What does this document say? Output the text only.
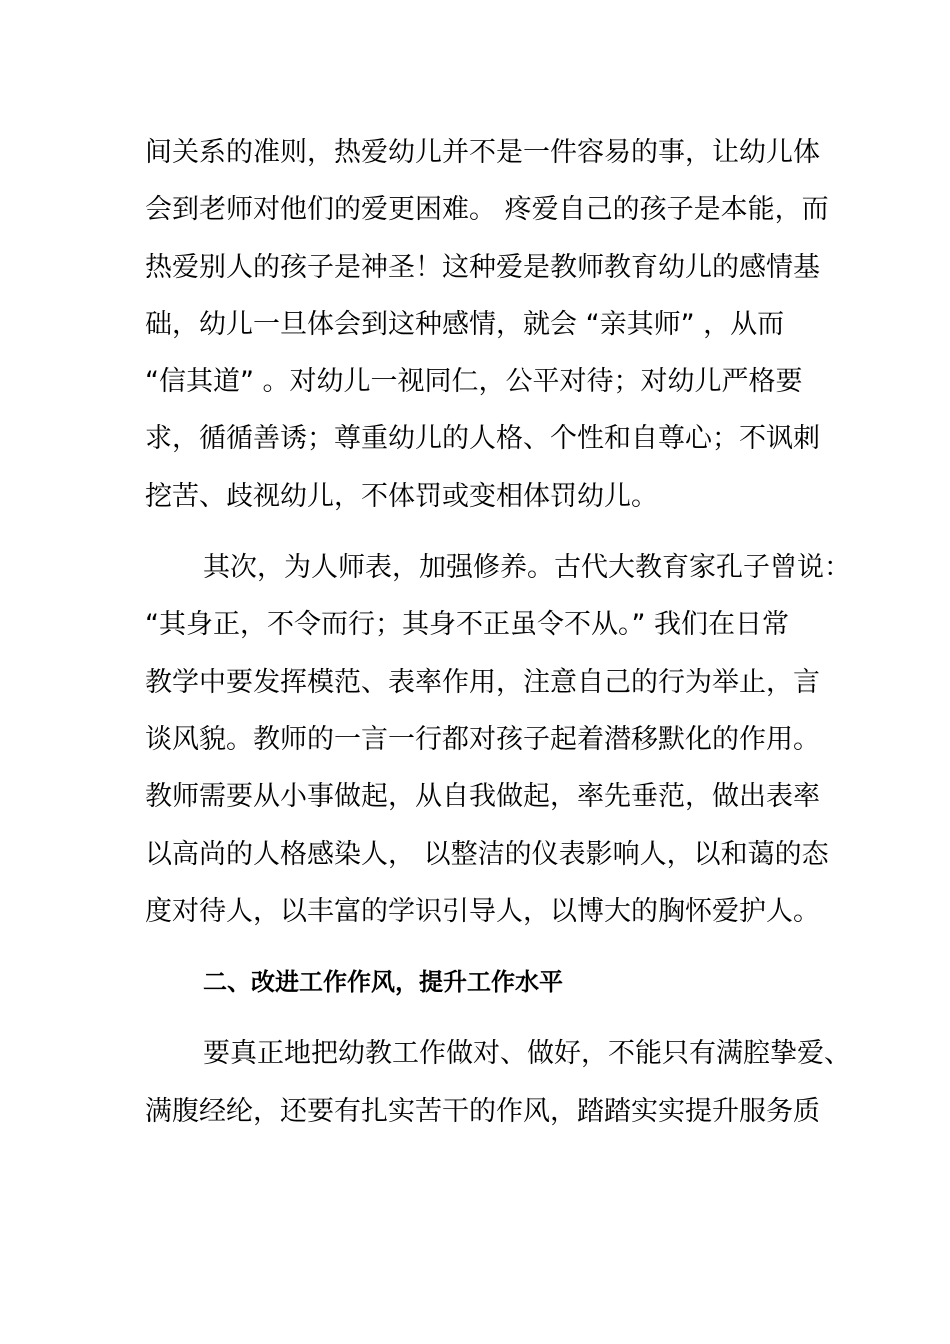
间关系的准则，热爱幼儿并不是一件容易的事，让幼儿体
会到老师对他们的爱更困难。 疼爱自己的孩子是本能，而
热爱别人的孩子是神圣！这种爱是教师教育幼儿的感情基
础，幼儿一旦体会到这种感情，就会 “亲其师” ，从而
“信其道” 。对幼儿一视同仁，公平对待；对幼儿严格要
求，循循善诱；尊重幼儿的人格、个性和自尊心；不讽刺
挖苦、歧视幼儿，不体罚或变相体罚幼儿。
其次，为人师表，加强修养。古代大教育家孔子曾说：
“其身正，不令而行；其身不正虽令不从。” 我们在日常
教学中要发挥模范、表率作用，注意自己的行为举止，言
谈风貌。教师的一言一行都对孩子起着潜移默化的作用。
教师需要从小事做起，从自我做起，率先垂范，做出表率
以高尚的人格感染人， 以整洁的仪表影响人，以和蔼的态
度对待人，以丰富的学识引导人，以博大的胸怀爱护人。
二、改进工作作风，提升工作水平
要真正地把幼教工作做对、做好，不能只有满腔挚爱、
满腹经纶，还要有扎实苦干的作风，踏踏实实提升服务质
